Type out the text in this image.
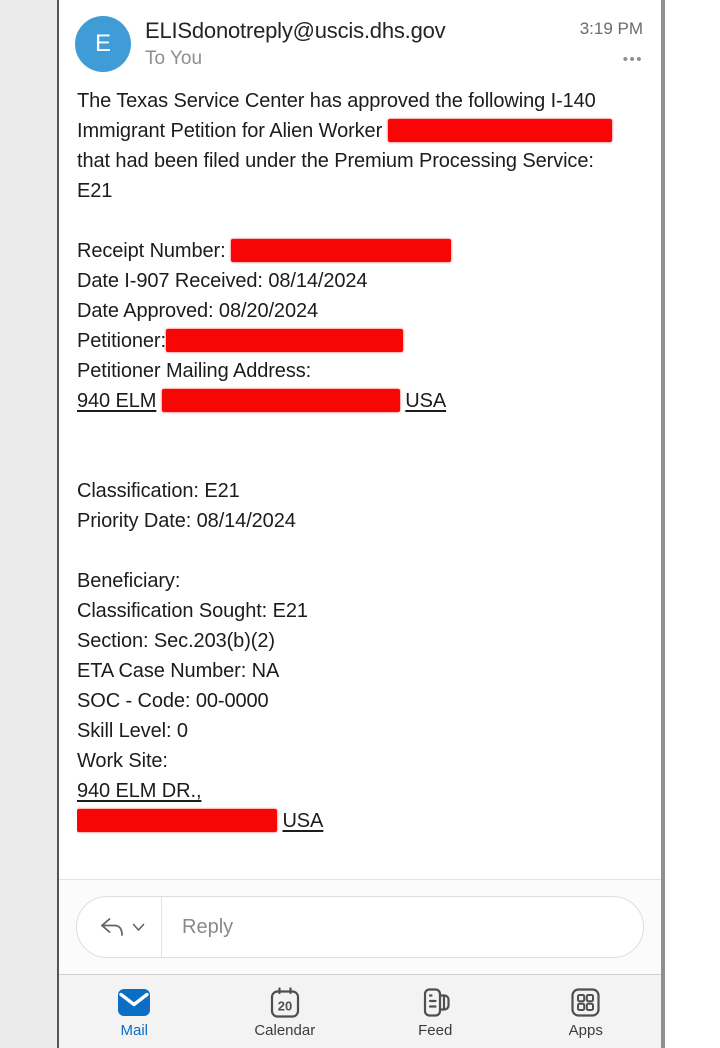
E	ELISdonotreply@uscis.dhs.gov
To You
3:19 PM
•••
The Texas Service Center has approved the following I-140
Immigrant Petition for Alien Worker
that had been filed under the Premium Processing Service:
E21

Receipt Number:
Date I-907 Received: 08/14/2024
Date Approved: 08/20/2024
Petitioner:
Petitioner Mailing Address:
940 ELM	USA

Classification: E21
Priority Date: 08/14/2024

Beneficiary:
Classification Sought: E21
Section: Sec.203(b)(2)
ETA Case Number: NA
SOC - Code: 00-0000
Skill Level: 0
Work Site:
940 ELM DR.,
USA
Reply
Mail
20
Calendar	Feed	Apps
